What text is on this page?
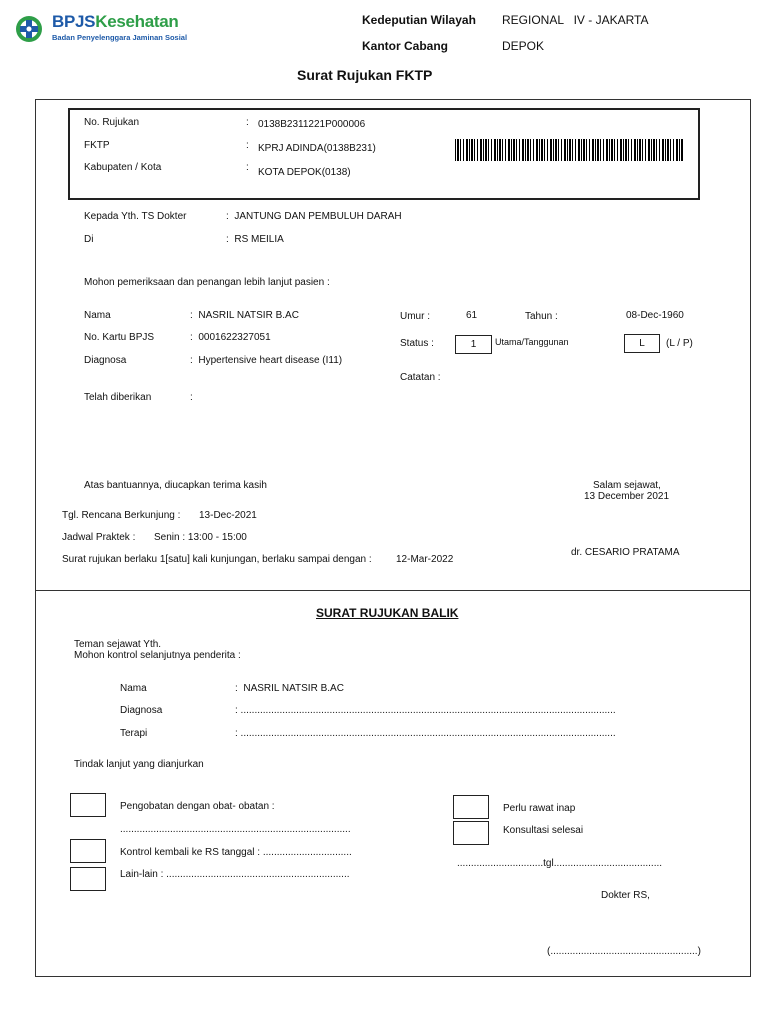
BPJSKesehatan
Badan Penyelenggara Jaminan Sosial
Kedeputian Wilayah REGIONAL   IV - JAKARTA
Kantor Cabang	DEPOK
Surat Rujukan FKTP
No. Rujukan	: 0138B2311221P000006
FKTP	: KPRJ ADINDA(0138B231)
Kabupaten / Kota	: KOTA DEPOK(0138)
Kepada Yth. TS Dokter	:  JANTUNG DAN PEMBULUH DARAH
Di	:  RS MEILIA
Mohon pemeriksaan dan penangan lebih lanjut pasien :
Nama	:  NASRIL NATSIR B.AC
No. Kartu BPJS	:  0001622327051
Diagnosa	:  Hypertensive heart disease (I11)
Telah diberikan	:
Umur :	61	Tahun :	08-Dec-1960
Status :	1	Utama/Tanggunan	L	(L / P)
Catatan :
Atas bantuannya, diucapkan terima kasih	Salam sejawat,
13 December 2021
Tgl. Rencana Berkunjung : 13-Dec-2021
Jadwal Praktek : Senin : 13:00 - 15:00
Surat rujukan berlaku 1[satu] kali kunjungan, berlaku sampai dengan : 12-Mar-2022
dr. CESARIO PRATAMA
SURAT RUJUKAN BALIK
Teman sejawat Yth.
Mohon kontrol selanjutnya penderita :
Nama	: NASRIL NATSIR B.AC
Diagnosa	: .......................................................................................................................................
Terapi	: .......................................................................................................................................
Tindak lanjut yang dianjurkan
Pengobatan dengan obat- obatan :
...................................................................................
Kontrol kembali ke RS tanggal : ................................
Lain-lain : ..................................................................
Perlu rawat inap
Konsultasi selesai
...............................tgl.......................................
Dokter RS,
(.....................................................)
